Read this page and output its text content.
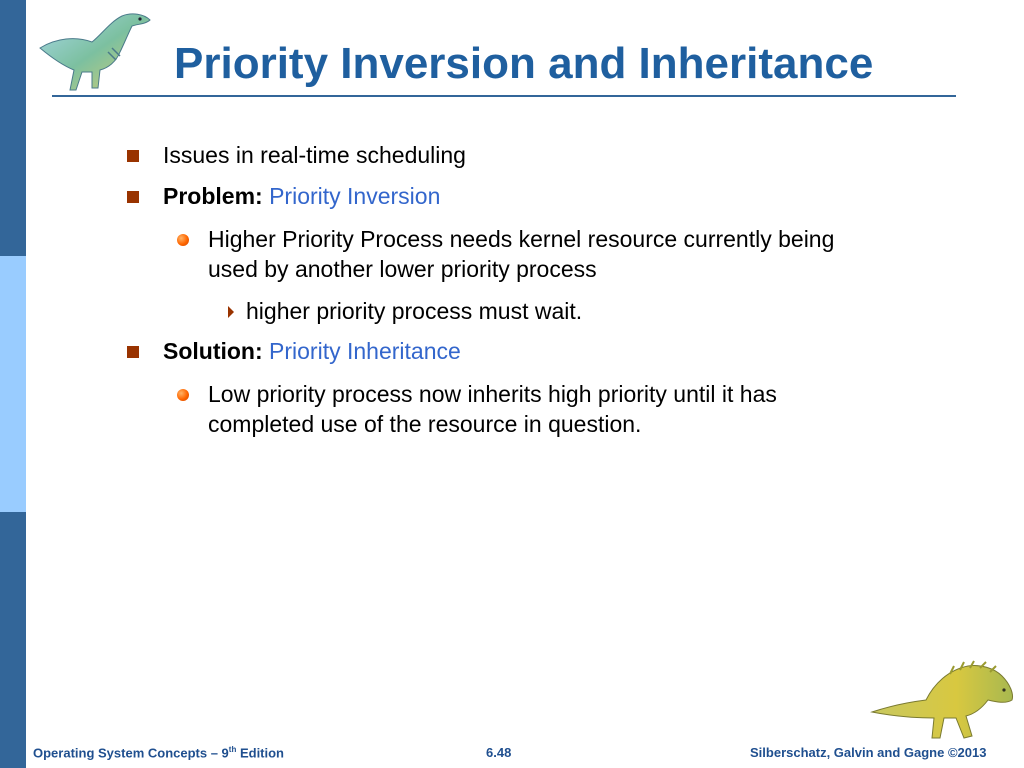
Priority Inversion and Inheritance
Issues in real-time scheduling
Problem: Priority Inversion
Higher Priority Process needs kernel resource currently being
used by another lower priority process
higher priority process must wait.
Solution: Priority Inheritance
Low priority process now inherits high priority until it has
completed use of the resource in question.
Operating System Concepts – 9th Edition	6.48	Silberschatz, Galvin and Gagne ©2013
